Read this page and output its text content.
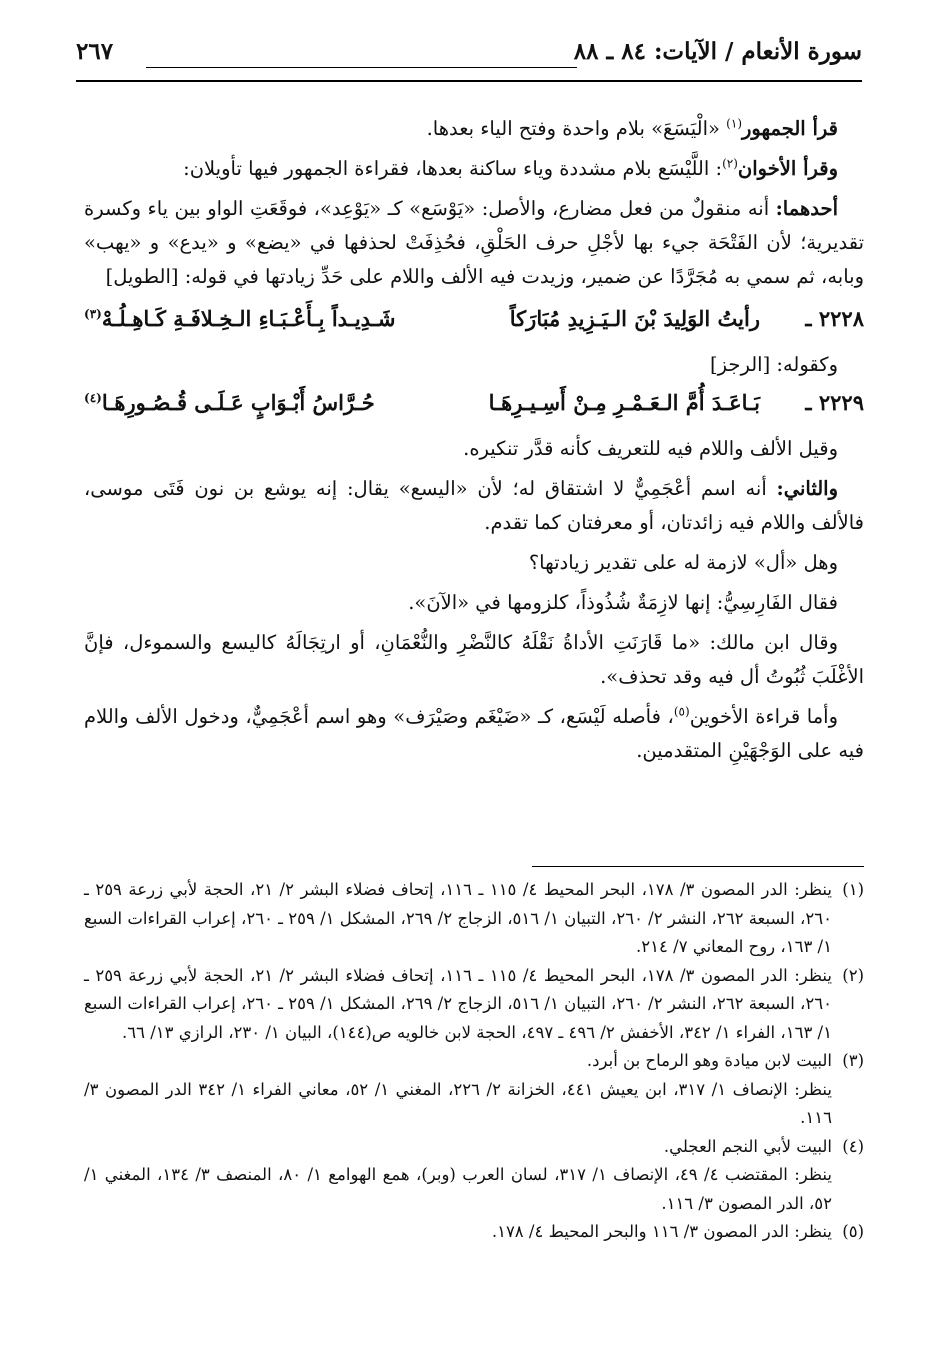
سورة الأنعام / الآيات: ٨٤ ـ ٨٨
٢٦٧

قرأ الجمهور$^{(١)}$ «الْيَسَعَ» بلام واحدة وفتح الياء بعدها.

وقرأ الأخوان$^{(٢)}$: اللَّيْسَع بلام مشددة وياء ساكنة بعدها، فقراءة الجمهور فيها تأويلان:

أحدهما: أنه منقولٌ من فعل مضارع، والأصل: «يَوْسَع» كـ «يَوْعِد»، فوقَعَتِ الواو بين ياء وكسرة تقديرية؛ لأن الفَتْحَة جيء بها لأجْلِ حرف الحَلْقِ، فحُذِفَتْ لحذفها في «يضع» و «يدع» و «يهب» وبابه، ثم سمي به مُجَرَّدًا عن ضمير، وزيدت فيه الألف واللام على حَدِّ زيادتها في قوله: [الطويل]

٢٢٢٨ ـ
رأيتُ الوَلِيدَ بْنَ الـيَـزِيدِ مُبَارَكاً
شَـدِيـداً بِـأَعْـبَـاءِ الـخِـلافَـةِ كَـاهِـلُـهْ$^{(٣)}$

وكقوله: [الرجز]

٢٢٢٩ ـ
بَـاعَـدَ أُمَّ الـعَـمْـرِ مِـنْ أَسِـيـرِهَـا
حُـرَّاسُ أَبْـوَابٍ عَـلَـى قُـصُـورِهَـا$^{(٤)}$

وقيل الألف واللام فيه للتعريف كأنه قدَّر تنكيره.

والثاني: أنه اسم أعْجَمِيٌّ لا اشتقاق له؛ لأن «اليسع» يقال: إنه يوشع بن نون فَتَى موسى، فالألف واللام فيه زائدتان، أو معرفتان كما تقدم.

وهل «أل» لازمة له على تقدير زيادتها؟

فقال الفَارِسِيُّ: إنها لازِمَةٌ شُذُوذاً، كلزومها في «الآنَ».

وقال ابن مالك: «ما قَارَنَتِ الأداةُ نَقْلَهُ كالنَّضْرِ والنُّعْمَانِ، أو ارتِجَالَهُ كاليسع والسموءل، فإنَّ الأغْلَبَ ثُبُوتُ أل فيه وقد تحذف».

وأما قراءة الأخوين$^{(٥)}$، فأصله لَيْسَع، كـ «ضَيْغَم وصَيْرَف» وهو اسم أعْجَمِيٌّ، ودخول الألف واللام فيه على الوَجْهَيْنِ المتقدمين.

(١)
ينظر: الدر المصون ٣/ ١٧٨، البحر المحيط ٤/ ١١٥ ـ ١١٦، إتحاف فضلاء البشر ٢/ ٢١، الحجة لأبي زرعة ٢٥٩ ـ ٢٦٠، السبعة ٢٦٢، النشر ٢/ ٢٦٠، التبيان ١/ ٥١٦، الزجاج ٢/ ٢٦٩، المشكل ١/ ٢٥٩ ـ ٢٦٠، إعراب القراءات السبع ١/ ١٦٣، روح المعاني ٧/ ٢١٤.
(٢)
ينظر: الدر المصون ٣/ ١٧٨، البحر المحيط ٤/ ١١٥ ـ ١١٦، إتحاف فضلاء البشر ٢/ ٢١، الحجة لأبي زرعة ٢٥٩ ـ ٢٦٠، السبعة ٢٦٢، النشر ٢/ ٢٦٠، التبيان ١/ ٥١٦، الزجاج ٢/ ٢٦٩، المشكل ١/ ٢٥٩ ـ ٢٦٠، إعراب القراءات السبع ١/ ١٦٣، الفراء ١/ ٣٤٢، الأخفش ٢/ ٤٩٦ ـ ٤٩٧، الحجة لابن خالويه ص(١٤٤)، البيان ١/ ٢٣٠، الرازي ١٣/ ٦٦.
(٣)
البيت لابن ميادة وهو الرماح بن أبرد.
ينظر: الإنصاف ١/ ٣١٧، ابن يعيش ٤٤١، الخزانة ٢/ ٢٢٦، المغني ١/ ٥٢، معاني الفراء ١/ ٣٤٢ الدر المصون ٣/ ١١٦.
(٤)
البيت لأبي النجم العجلي.
ينظر: المقتضب ٤/ ٤٩، الإنصاف ١/ ٣١٧، لسان العرب (وبر)، همع الهوامع ١/ ٨٠، المنصف ٣/ ١٣٤، المغني ١/ ٥٢، الدر المصون ٣/ ١١٦.
(٥)
ينظر: الدر المصون ٣/ ١١٦ والبحر المحيط ٤/ ١٧٨.
